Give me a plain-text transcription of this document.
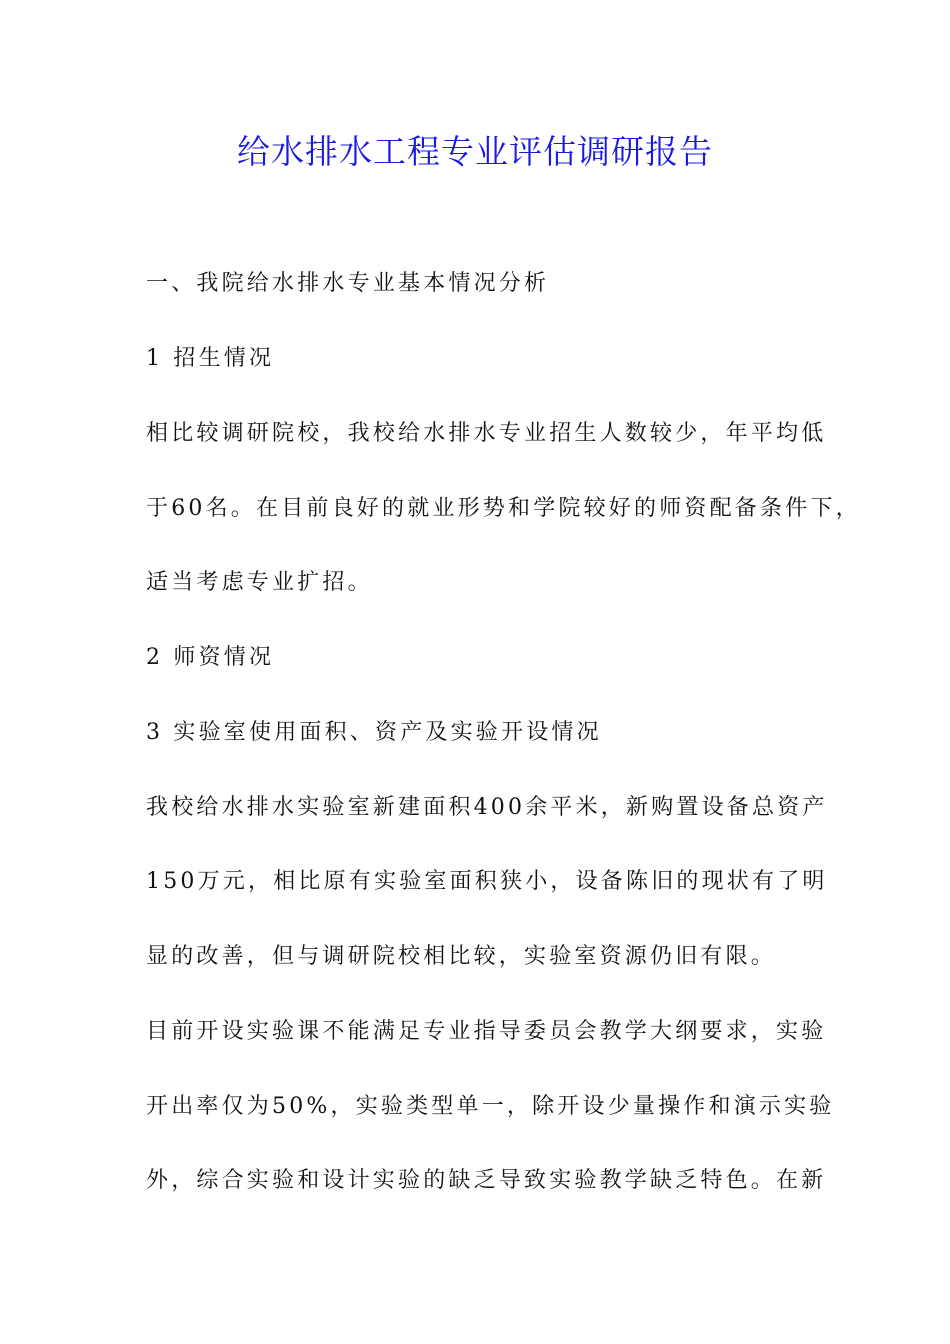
给水排水工程专业评估调研报告

一、我院给水排水专业基本情况分析

1 招生情况

相比较调研院校，我校给水排水专业招生人数较少，年平均低

于60名。在目前良好的就业形势和学院较好的师资配备条件下，

适当考虑专业扩招。

2 师资情况

3 实验室使用面积、资产及实验开设情况

我校给水排水实验室新建面积400余平米，新购置设备总资产

150万元，相比原有实验室面积狭小，设备陈旧的现状有了明

显的改善，但与调研院校相比较，实验室资源仍旧有限。

目前开设实验课不能满足专业指导委员会教学大纲要求，实验

开出率仅为50%，实验类型单一，除开设少量操作和演示实验

外，综合实验和设计实验的缺乏导致实验教学缺乏特色。在新
